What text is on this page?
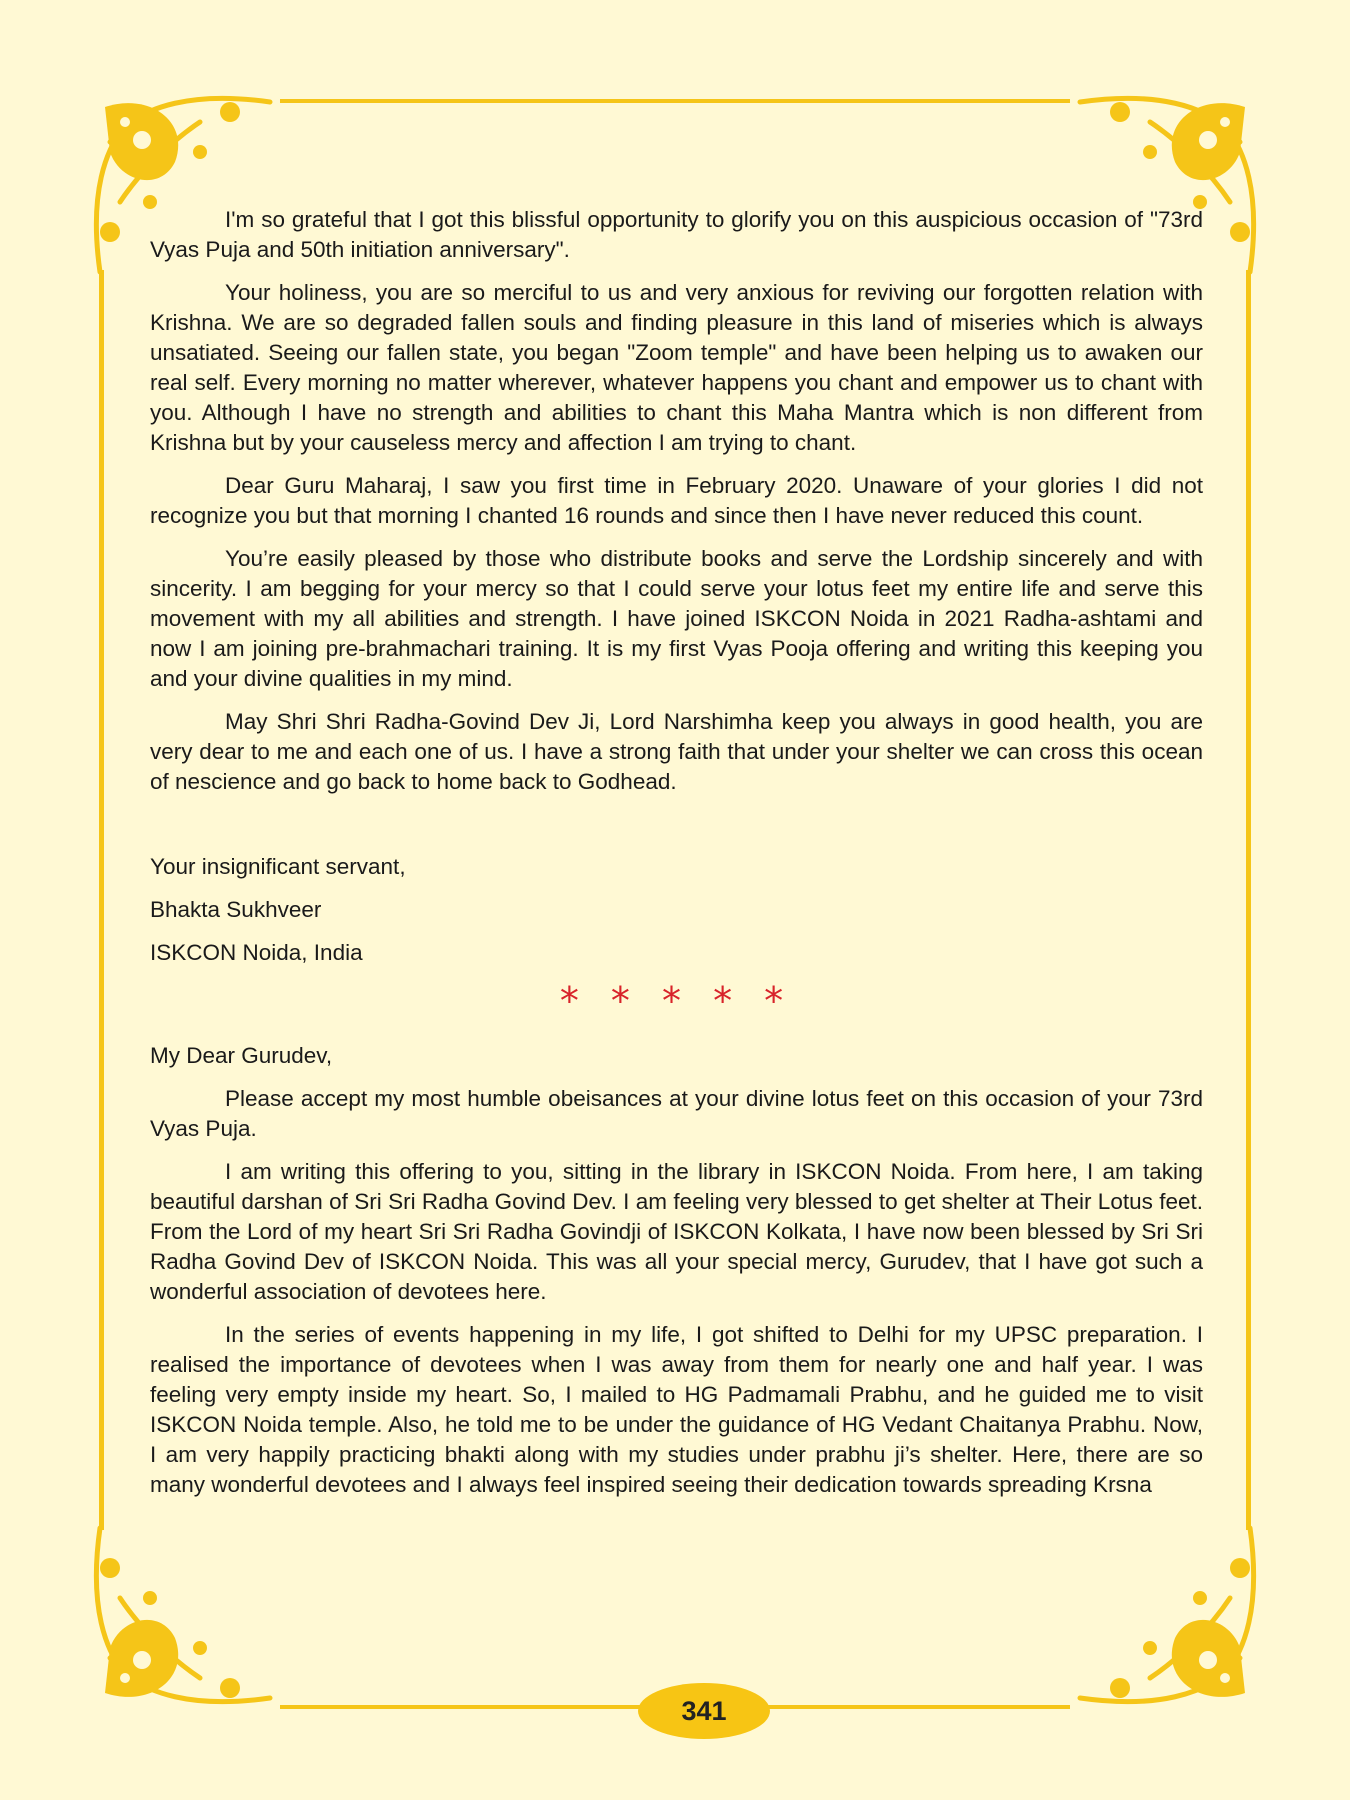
I'm so grateful that I got this blissful opportunity to glorify you on this auspicious occasion of "73rd Vyas Puja and 50th initiation anniversary".

Your holiness, you are so merciful to us and very anxious for reviving our forgotten relation with Krishna. We are so degraded fallen souls and finding pleasure in this land of miseries which is always unsatiated. Seeing our fallen state, you began "Zoom temple" and have been helping us to awaken our real self. Every morning no matter wherever, whatever happens you chant and empower us to chant with you. Although I have no strength and abilities to chant this Maha Mantra which is non different from Krishna but by your causeless mercy and affection I am trying to chant.

Dear Guru Maharaj, I saw you first time in February 2020. Unaware of your glories I did not recognize you but that morning I chanted 16 rounds and since then I have never reduced this count.

You’re easily pleased by those who distribute books and serve the Lordship sincerely and with sincerity. I am begging for your mercy so that I could serve your lotus feet my entire life and serve this movement with my all abilities and strength. I have joined ISKCON Noida in 2021 Radha-ashtami and now I am joining pre-brahmachari training. It is my first Vyas Pooja offering and writing this keeping you and your divine qualities in my mind.

May Shri Shri Radha-Govind Dev Ji, Lord Narshimha keep you always in good health, you are very dear to me and each one of us. I have a strong faith that under your shelter we can cross this ocean of nescience and go back to home back to Godhead.

Your insignificant servant,
Bhakta Sukhveer
ISKCON Noida, India
* * * * *

My Dear Gurudev,

Please accept my most humble obeisances at your divine lotus feet on this occasion of your 73rd Vyas Puja.

I am writing this offering to you, sitting in the library in ISKCON Noida. From here, I am taking beautiful darshan of Sri Sri Radha Govind Dev. I am feeling very blessed to get shelter at Their Lotus feet. From the Lord of my heart Sri Sri Radha Govindji of ISKCON Kolkata, I have now been blessed by Sri Sri Radha Govind Dev of ISKCON Noida. This was all your special mercy, Gurudev, that I have got such a wonderful association of devotees here.

In the series of events happening in my life, I got shifted to Delhi for my UPSC preparation. I realised the importance of devotees when I was away from them for nearly one and half year. I was feeling very empty inside my heart. So, I mailed to HG Padmamali Prabhu, and he guided me to visit ISKCON Noida temple. Also, he told me to be under the guidance of HG Vedant Chaitanya Prabhu. Now, I am very happily practicing bhakti along with my studies under prabhu ji’s shelter. Here, there are so many wonderful devotees and I always feel inspired seeing their dedication towards spreading Krsna

341
